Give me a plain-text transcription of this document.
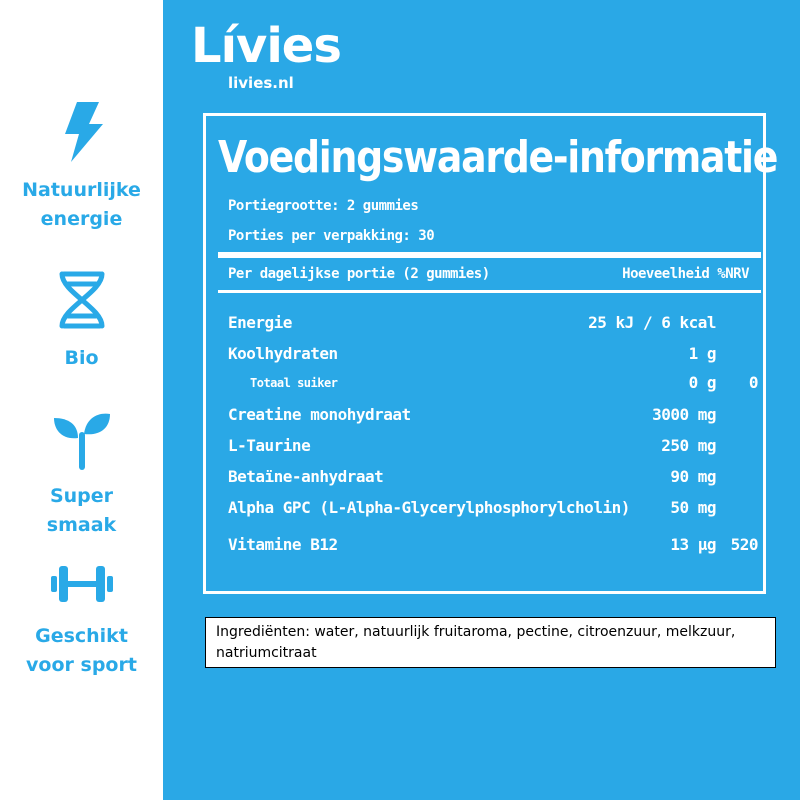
Natuurlijke
energie
Bio
Super
smaak
Geschikt
voor sport
Lívies
livies.nl
Voedingswaarde-informatie
Portiegrootte: 2 gummies
Porties per verpakking: 30
Per dagelijkse portie (2 gummies)	Hoeveelheid %NRV
Energie	25 kJ / 6 kcal
Koolhydraten	1 g
Totaal suiker	0 g	0
Creatine monohydraat	3000 mg
L-Taurine	250 mg
Betaïne-anhydraat	90 mg
Alpha GPC (L-Alpha-Glycerylphosphorylcholin)	50 mg
Vitamine B12	13 µg 520
Ingrediënten: water, natuurlijk fruitaroma, pectine, citroenzuur, melkzuur, natriumcitraat
